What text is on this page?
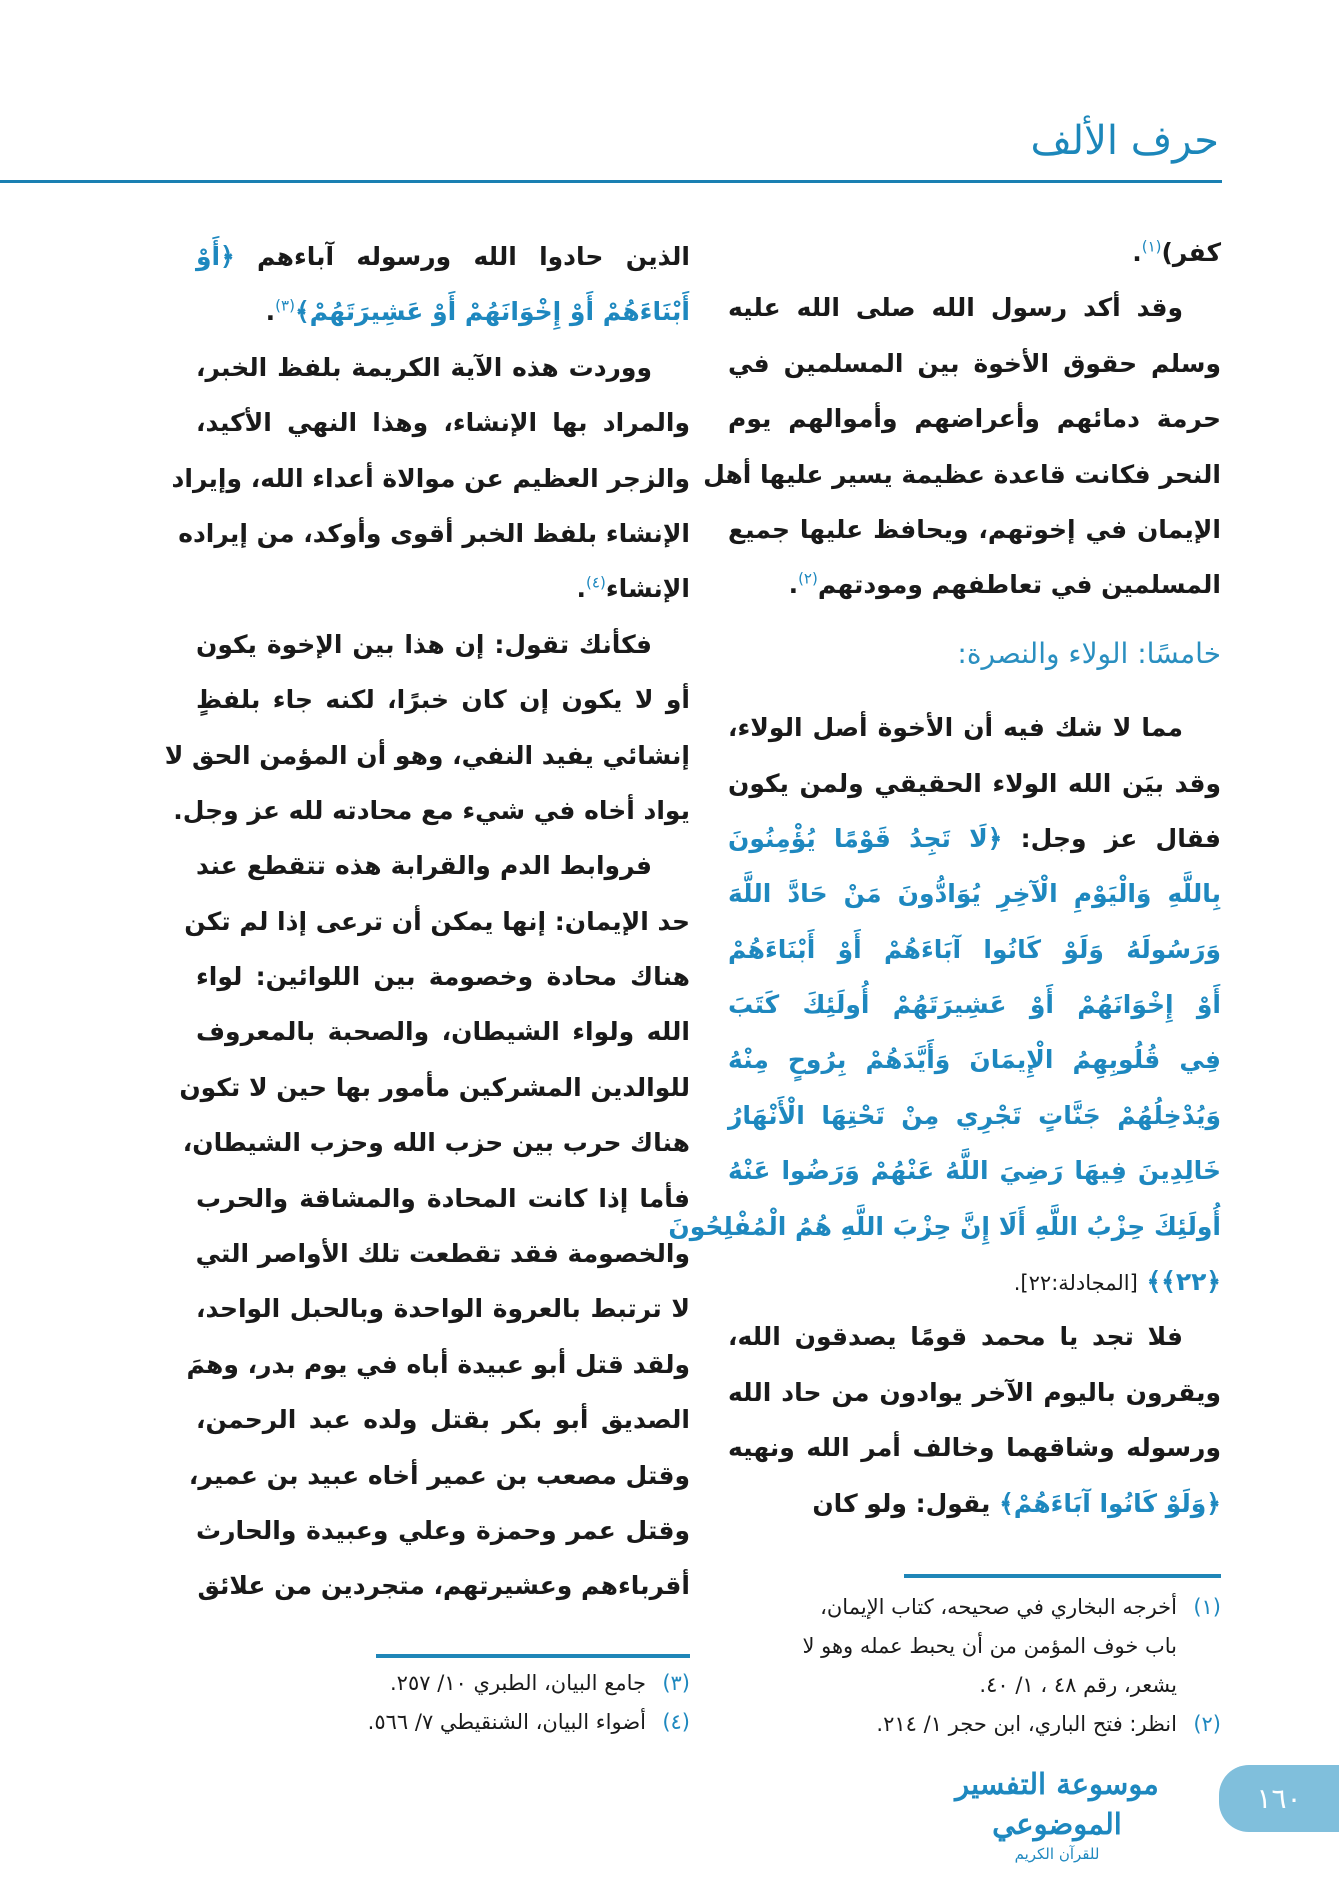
حرف الألف
كفر)$^{(١)}$.
وقد أكد رسول الله صلى الله عليه
وسلم حقوق الأخوة بين المسلمين في
حرمة دمائهم وأعراضهم وأموالهم يوم
النحر فكانت قاعدة عظيمة يسير عليها أهل
الإيمان في إخوتهم، ويحافظ عليها جميع
المسلمين في تعاطفهم ومودتهم$^{(٢)}$.
خامسًا: الولاء والنصرة:
مما لا شك فيه أن الأخوة أصل الولاء،
وقد بيَن الله الولاء الحقيقي ولمن يكون
فقال عز وجل: ﴿لَا تَجِدُ قَوْمًا يُؤْمِنُونَ
بِاللَّهِ وَالْيَوْمِ الْآخِرِ يُوَادُّونَ مَنْ حَادَّ اللَّهَ
وَرَسُولَهُ وَلَوْ كَانُوا آبَاءَهُمْ أَوْ أَبْنَاءَهُمْ
أَوْ إِخْوَانَهُمْ أَوْ عَشِيرَتَهُمْ أُولَئِكَ كَتَبَ
فِي قُلُوبِهِمُ الْإِيمَانَ وَأَيَّدَهُمْ بِرُوحٍ مِنْهُ
وَيُدْخِلُهُمْ جَنَّاتٍ تَجْرِي مِنْ تَحْتِهَا الْأَنْهَارُ
خَالِدِينَ فِيهَا رَضِيَ اللَّهُ عَنْهُمْ وَرَضُوا عَنْهُ
أُولَئِكَ حِزْبُ اللَّهِ أَلَا إِنَّ حِزْبَ اللَّهِ هُمُ الْمُفْلِحُونَ
﴿٢٢﴾﴾ [المجادلة:٢٢].
فلا تجد يا محمد قومًا يصدقون الله،
ويقرون باليوم الآخر يوادون من حاد الله
ورسوله وشاقهما وخالف أمر الله ونهيه
﴿وَلَوْ كَانُوا آبَاءَهُمْ﴾ يقول: ولو كان
الذين حادوا الله ورسوله آباءهم ﴿أَوْ
أَبْنَاءَهُمْ أَوْ إِخْوَانَهُمْ أَوْ عَشِيرَتَهُمْ﴾$^{(٣)}$.
ووردت هذه الآية الكريمة بلفظ الخبر،
والمراد بها الإنشاء، وهذا النهي الأكيد،
والزجر العظيم عن موالاة أعداء الله، وإيراد
الإنشاء بلفظ الخبر أقوى وأوكد، من إيراده
الإنشاء$^{(٤)}$.
فكأنك تقول: إن هذا بين الإخوة يكون
أو لا يكون إن كان خبرًا، لكنه جاء بلفظٍ
إنشائي يفيد النفي، وهو أن المؤمن الحق لا
يواد أخاه في شيء مع محادته لله عز وجل.
فروابط الدم والقرابة هذه تتقطع عند
حد الإيمان: إنها يمكن أن ترعى إذا لم تكن
هناك محادة وخصومة بين اللوائين: لواء
الله ولواء الشيطان، والصحبة بالمعروف
للوالدين المشركين مأمور بها حين لا تكون
هناك حرب بين حزب الله وحزب الشيطان،
فأما إذا كانت المحادة والمشاقة والحرب
والخصومة فقد تقطعت تلك الأواصر التي
لا ترتبط بالعروة الواحدة وبالحبل الواحد،
ولقد قتل أبو عبيدة أباه في يوم بدر، وهمَ
الصديق أبو بكر بقتل ولده عبد الرحمن،
وقتل مصعب بن عمير أخاه عبيد بن عمير،
وقتل عمر وحمزة وعلي وعبيدة والحارث
أقرباءهم وعشيرتهم، متجردين من علائق
(١)
أخرجه البخاري في صحيحه، كتاب الإيمان،
باب خوف المؤمن من أن يحبط عمله وهو لا
يشعر، رقم ٤٨ ، ١/ ٤٠.
(٢)
انظر: فتح الباري، ابن حجر ١/ ٢١٤.
(٣)
جامع البيان، الطبري ١٠/ ٢٥٧.
(٤)
أضواء البيان، الشنقيطي ٧/ ٥٦٦.
موسوعة التفسير الموضوعي
للقرآن الكريم
١٦٠
